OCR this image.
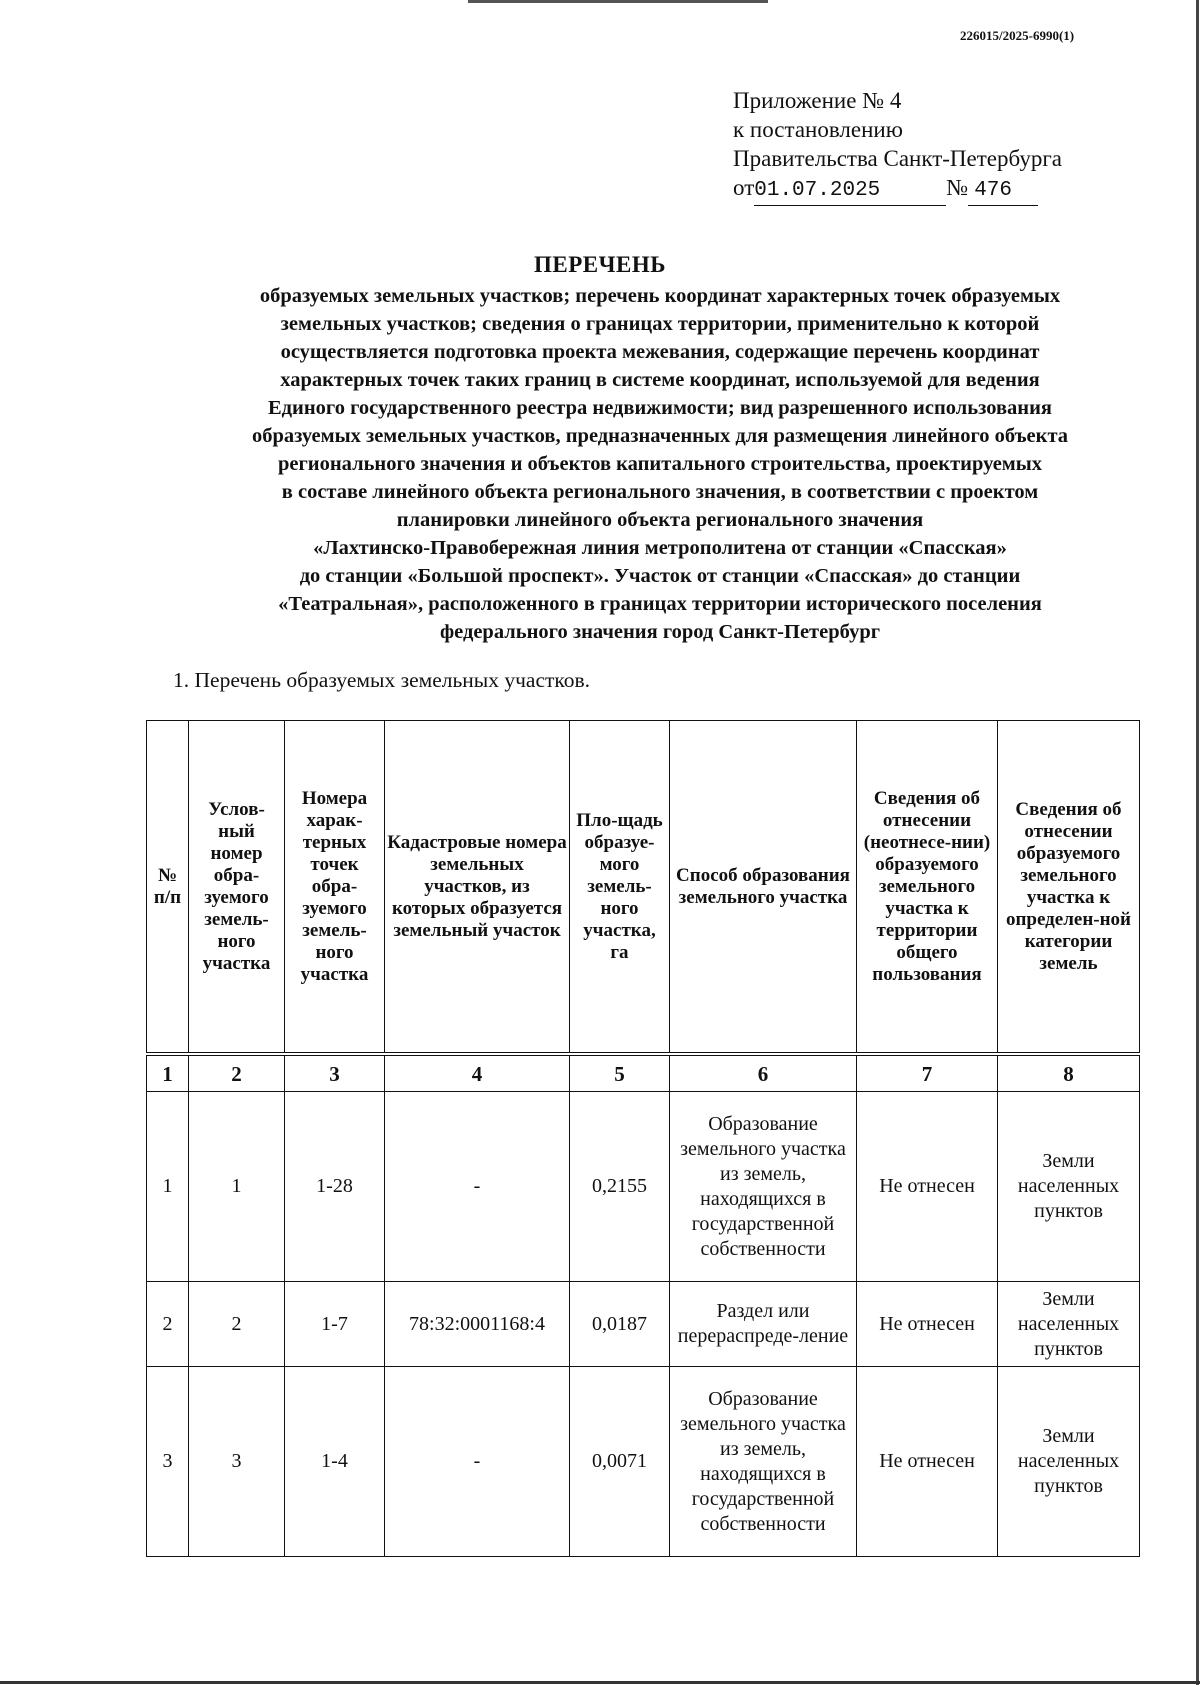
226015/2025-6990(1)
Приложение № 4
к постановлению
Правительства Санкт-Петербурга
от01.07.2025	№ 476
ПЕРЕЧЕНЬ
образуемых земельных участков; перечень координат характерных точек образуемых
земельных участков; сведения о границах территории, применительно к которой
осуществляется подготовка проекта межевания, содержащие перечень координат
характерных точек таких границ в системе координат, используемой для ведения
Единого государственного реестра недвижимости; вид разрешенного использования
образуемых земельных участков, предназначенных для размещения линейного объекта
регионального значения и объектов капитального строительства, проектируемых
в составе линейного объекта регионального значения, в соответствии с проектом
планировки линейного объекта регионального значения
«Лахтинско-Правобережная линия метрополитена от станции «Спасская»
до станции «Большой проспект». Участок от станции «Спасская» до станции
«Театральная», расположенного в границах территории исторического поселения
федерального значения город Санкт-Петербург
1. Перечень образуемых земельных участков.
№ п/п	Услов-ный номер обра-зуемого земель-ного участка	Номера харак-терных точек обра-зуемого земель-ного участка	Кадастровые номера земельных участков, из которых образуется земельный участок	Пло-щадь образуе-мого земель-ного участка, га	Способ образования земельного участка	Сведения об отнесении (неотнесе-нии) образуемого земельного участка к территории общего пользования	Сведения об отнесении образуемого земельного участка к определен-ной категории земель
1	2	3	4	5	6	7	8
1	1	1-28	-	0,2155	Образование земельного участка из земель, находящихся в государственной собственности	Не отнесен	Земли населенных пунктов
2	2	1-7	78:32:0001168:4	0,0187	Раздел или перераспреде-ление	Не отнесен	Земли населенных пунктов
3	3	1-4	-	0,0071	Образование земельного участка из земель, находящихся в государственной собственности	Не отнесен	Земли населенных пунктов
